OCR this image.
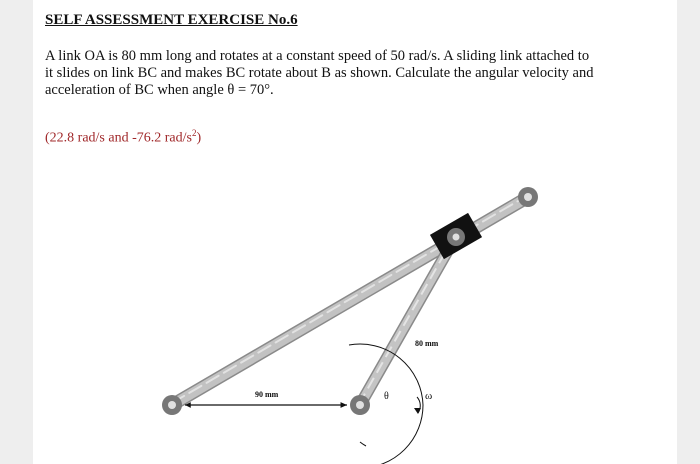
SELF ASSESSMENT EXERCISE No.6
A link OA is 80 mm long and rotates at a constant speed of 50 rad/s. A sliding link attached to
it slides on link BC and makes BC rotate about B as shown. Calculate the angular velocity and
acceleration of BC when angle θ = 70°.
(22.8 rad/s and -76.2 rad/$s^2$)
90 mm
80 mm
θ	ω
